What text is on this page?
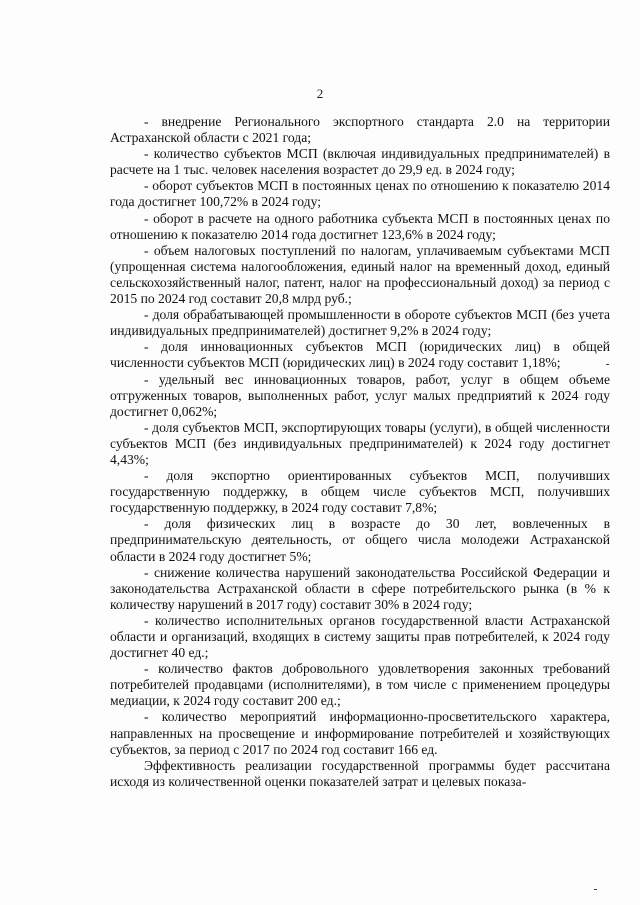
2

- внедрение Регионального экспортного стандарта 2.0 на территории Астраханской области с 2021 года;

- количество субъектов МСП (включая индивидуальных предпринимателей) в расчете на 1 тыс. человек населения возрастет до 29,9 ед. в 2024 году;

- оборот субъектов МСП в постоянных ценах по отношению к показателю 2014 года достигнет 100,72% в 2024 году;

- оборот в расчете на одного работника субъекта МСП в постоянных ценах по отношению к показателю 2014 года достигнет 123,6% в 2024 году;

- объем налоговых поступлений по налогам, уплачиваемым субъектами МСП (упрощенная система налогообложения, единый налог на временный доход, единый сельскохозяйственный налог, патент, налог на профессиональный доход) за период с 2015 по 2024 год составит 20,8 млрд руб.;

- доля обрабатывающей промышленности в обороте субъектов МСП (без учета индивидуальных предпринимателей) достигнет 9,2% в 2024 году;

- доля инновационных субъектов МСП (юридических лиц) в общей численности субъектов МСП (юридических лиц) в 2024 году составит 1,18%;

- удельный вес инновационных товаров, работ, услуг в общем объеме отгруженных товаров, выполненных работ, услуг малых предприятий к 2024 году достигнет 0,062%;

- доля субъектов МСП, экспортирующих товары (услуги), в общей численности субъектов МСП (без индивидуальных предпринимателей) к 2024 году достигнет 4,43%;

- доля экспортно ориентированных субъектов МСП, получивших государственную поддержку, в общем числе субъектов МСП, получивших государственную поддержку, в 2024 году составит 7,8%;

- доля физических лиц в возрасте до 30 лет, вовлеченных в предпринимательскую деятельность, от общего числа молодежи Астраханской области в 2024 году достигнет 5%;

- снижение количества нарушений законодательства Российской Федерации и законодательства Астраханской области в сфере потребительского рынка (в % к количеству нарушений в 2017 году) составит 30% в 2024 году;

- количество исполнительных органов государственной власти Астраханской области и организаций, входящих в систему защиты прав потребителей, к 2024 году достигнет 40 ед.;

- количество фактов добровольного удовлетворения законных требований потребителей продавцами (исполнителями), в том числе с применением процедуры медиации, к 2024 году составит 200 ед.;

- количество мероприятий информационно-просветительского характера, направленных на просвещение и информирование потребителей и хозяйствующих субъектов, за период с 2017 по 2024 год составит 166 ед.

Эффективность реализации государственной программы будет рассчитана исходя из количественной оценки показателей затрат и целевых показа-
